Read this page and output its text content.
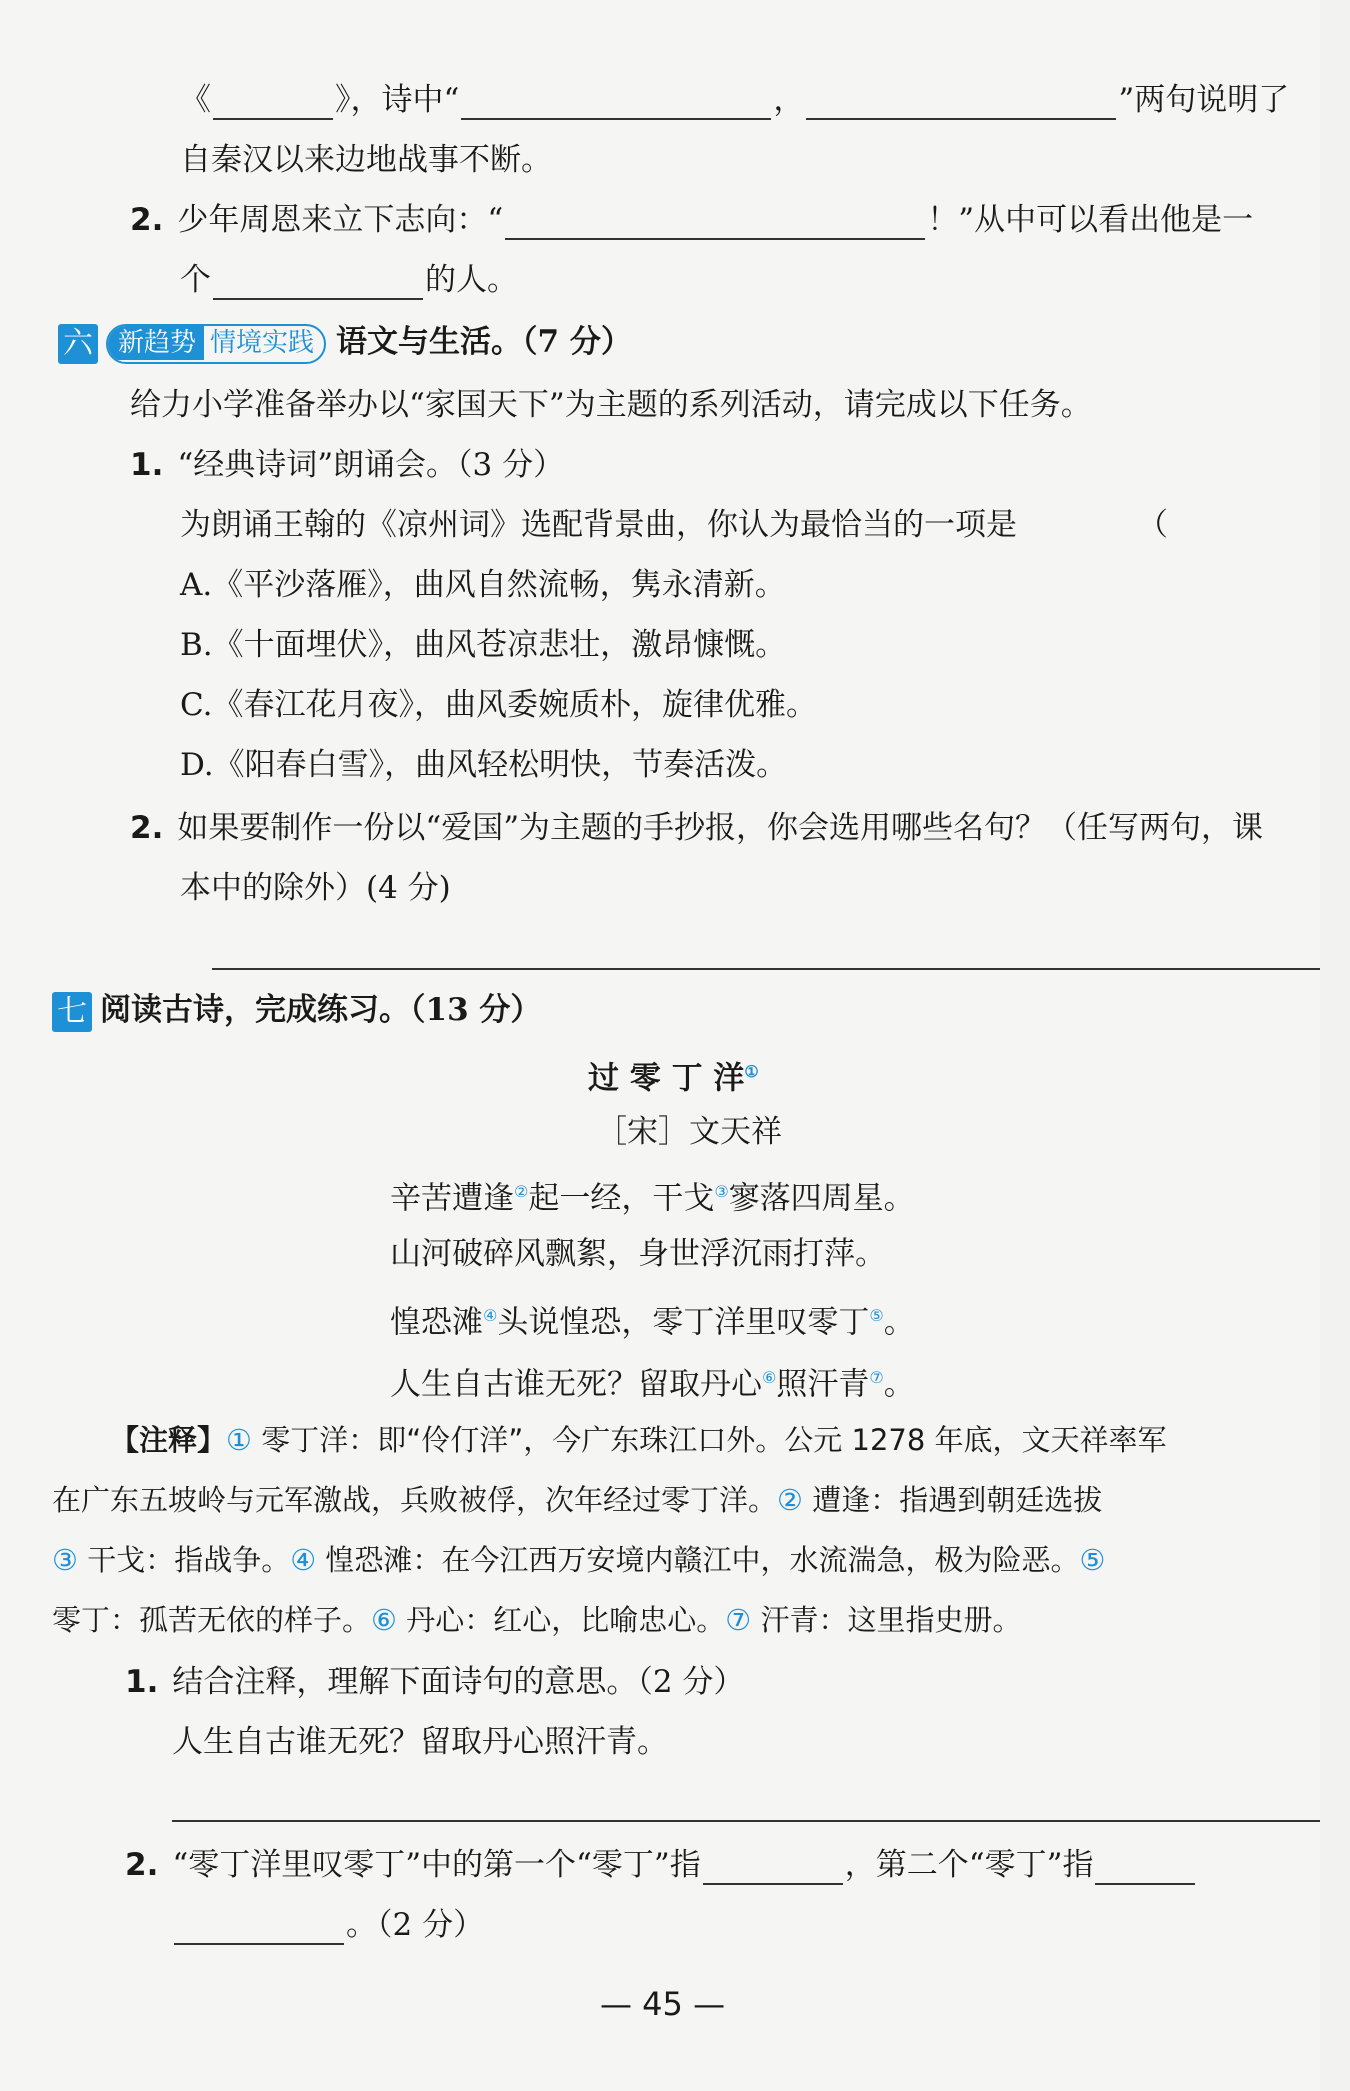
《	》，诗中“	，	”两句说明了
自秦汉以来边地战事不断。
2. 少年周恩来立下志向：“	！”从中可以看出他是一
个	的人。
六 新趋势 情境实践 语文与生活。（7 分）
给力小学准备举办以“家国天下”为主题的系列活动，请完成以下任务。
1. “经典诗词”朗诵会。（3 分）
为朗诵王翰的《凉州词》选配背景曲，你认为最恰当的一项是	（
A.《平沙落雁》，曲风自然流畅，隽永清新。
B.《十面埋伏》，曲风苍凉悲壮，激昂慷慨。
C.《春江花月夜》，曲风委婉质朴，旋律优雅。
D.《阳春白雪》，曲风轻松明快，节奏活泼。
2. 如果要制作一份以“爱国”为主题的手抄报，你会选用哪些名句？（任写两句，课
本中的除外）(4 分)
七 阅读古诗，完成练习。（13 分）
过 零 丁 洋①
［宋］文天祥
辛苦遭逢②起一经，干戈③寥落四周星。
山河破碎风飘絮，身世浮沉雨打萍。
惶恐滩④头说惶恐，零丁洋里叹零丁⑤。
人生自古谁无死？留取丹心⑥照汗青⑦。
【注释】① 零丁洋：即“伶仃洋”，今广东珠江口外。公元 1278 年底，文天祥率军
在广东五坡岭与元军激战，兵败被俘，次年经过零丁洋。② 遭逢：指遇到朝廷选拔
③ 干戈：指战争。④ 惶恐滩：在今江西万安境内赣江中，水流湍急，极为险恶。⑤
零丁：孤苦无依的样子。⑥ 丹心：红心，比喻忠心。⑦ 汗青：这里指史册。
1. 结合注释，理解下面诗句的意思。（2 分）
人生自古谁无死？留取丹心照汗青。
2. “零丁洋里叹零丁”中的第一个“零丁”指	，第二个“零丁”指
。（2 分）
— 45 —
